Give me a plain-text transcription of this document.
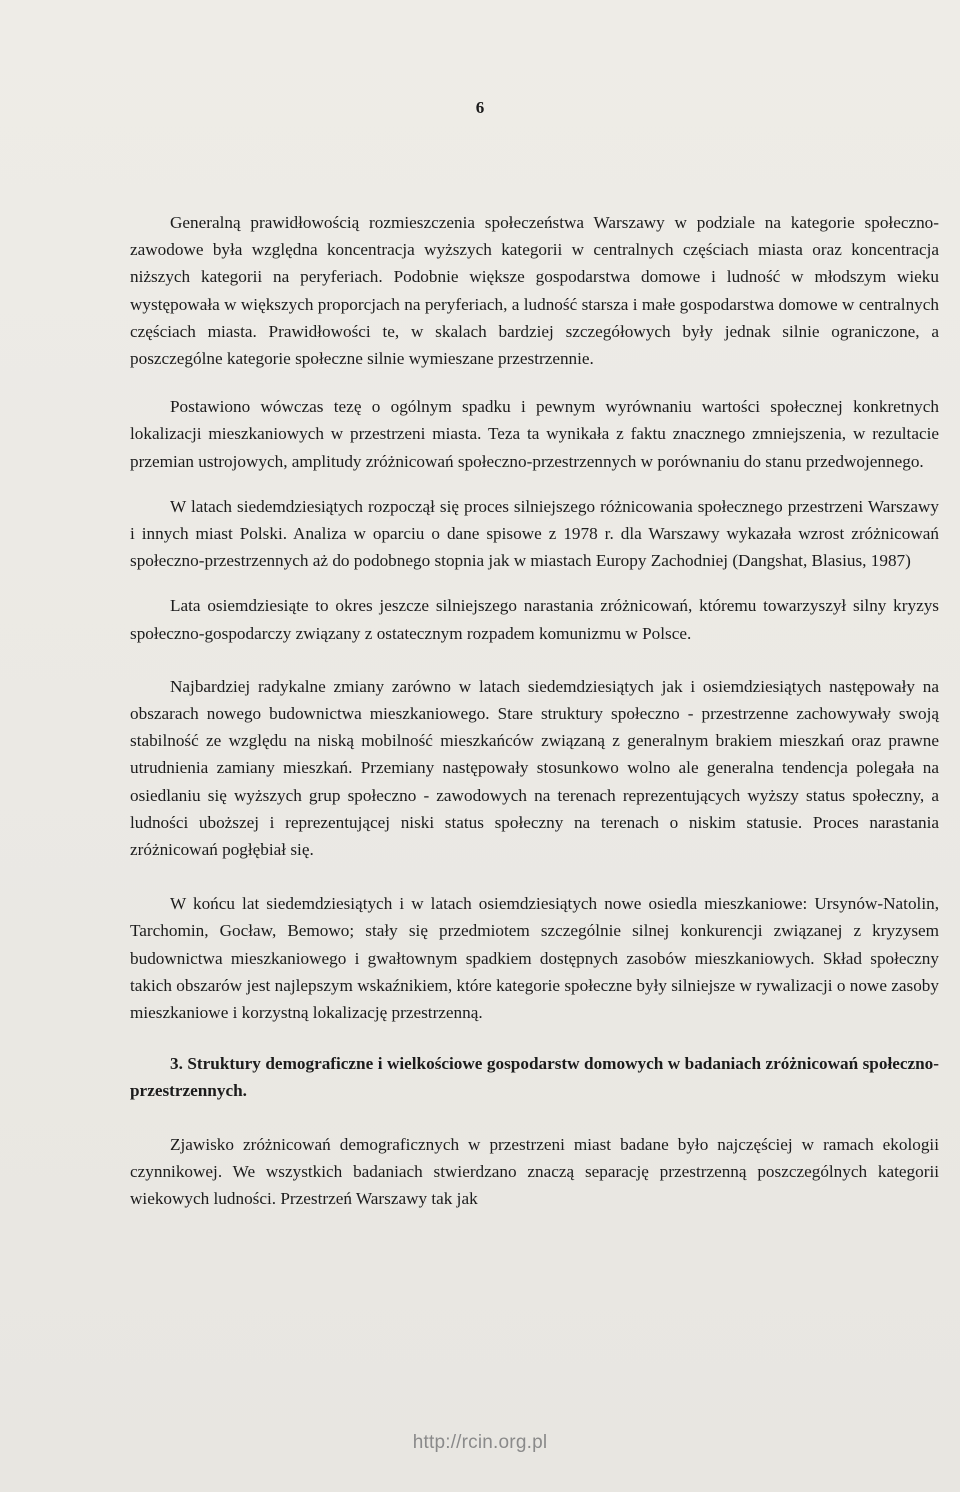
6

Generalną prawidłowością rozmieszczenia społeczeństwa Warszawy w podziale na kategorie społeczno-zawodowe była względna koncentracja wyższych kategorii w centralnych częściach miasta oraz koncentracja niższych kategorii na peryferiach. Podobnie większe gospodarstwa domowe i ludność w młodszym wieku występowała w większych proporcjach na peryferiach, a ludność starsza i małe gospodarstwa domowe w centralnych częściach miasta. Prawidłowości te, w skalach bardziej szczegółowych były jednak silnie ograniczone, a poszczególne kategorie społeczne silnie wymieszane przestrzennie.

Postawiono wówczas tezę o ogólnym spadku i pewnym wyrównaniu wartości społecznej konkretnych lokalizacji mieszkaniowych w przestrzeni miasta. Teza ta wynikała z faktu znacznego zmniejszenia, w rezultacie przemian ustrojowych, amplitudy zróżnicowań społeczno-przestrzennych w porównaniu do stanu przedwojennego.

W latach siedemdziesiątych rozpoczął się proces silniejszego różnicowania społecznego przestrzeni Warszawy i innych miast Polski. Analiza w oparciu o dane spisowe z 1978 r. dla Warszawy wykazała wzrost zróżnicowań społeczno-przestrzennych aż do podobnego stopnia jak w miastach Europy Zachodniej (Dangshat, Blasius, 1987)

Lata osiemdziesiąte to okres jeszcze silniejszego narastania zróżnicowań, któremu towarzyszył silny kryzys społeczno-gospodarczy związany z ostatecznym rozpadem komunizmu w Polsce.

Najbardziej radykalne zmiany zarówno w latach siedemdziesiątych jak i osiemdziesiątych następowały na obszarach nowego budownictwa mieszkaniowego. Stare struktury społeczno - przestrzenne zachowywały swoją stabilność ze względu na niską mobilność mieszkańców związaną z generalnym brakiem mieszkań oraz prawne utrudnienia zamiany mieszkań. Przemiany następowały stosunkowo wolno ale generalna tendencja polegała na osiedlaniu się wyższych grup społeczno - zawodowych na terenach reprezentujących wyższy status społeczny, a ludności uboższej i reprezentującej niski status społeczny na terenach o niskim statusie. Proces narastania zróżnicowań pogłębiał się.

W końcu lat siedemdziesiątych i w latach osiemdziesiątych nowe osiedla mieszkaniowe: Ursynów-Natolin, Tarchomin, Gocław, Bemowo; stały się przedmiotem szczególnie silnej konkurencji związanej z kryzysem budownictwa mieszkaniowego i gwałtownym spadkiem dostępnych zasobów mieszkaniowych. Skład społeczny takich obszarów jest najlepszym wskaźnikiem, które kategorie społeczne były silniejsze w rywalizacji o nowe zasoby mieszkaniowe i korzystną lokalizację przestrzenną.

3. Struktury demograficzne i wielkościowe gospodarstw domowych w badaniach zróżnicowań społeczno-przestrzennych.

Zjawisko zróżnicowań demograficznych w przestrzeni miast badane było najczęściej w ramach ekologii czynnikowej. We wszystkich badaniach stwierdzano znaczą separację przestrzenną poszczególnych kategorii wiekowych ludności. Przestrzeń Warszawy tak jak

http://rcin.org.pl
